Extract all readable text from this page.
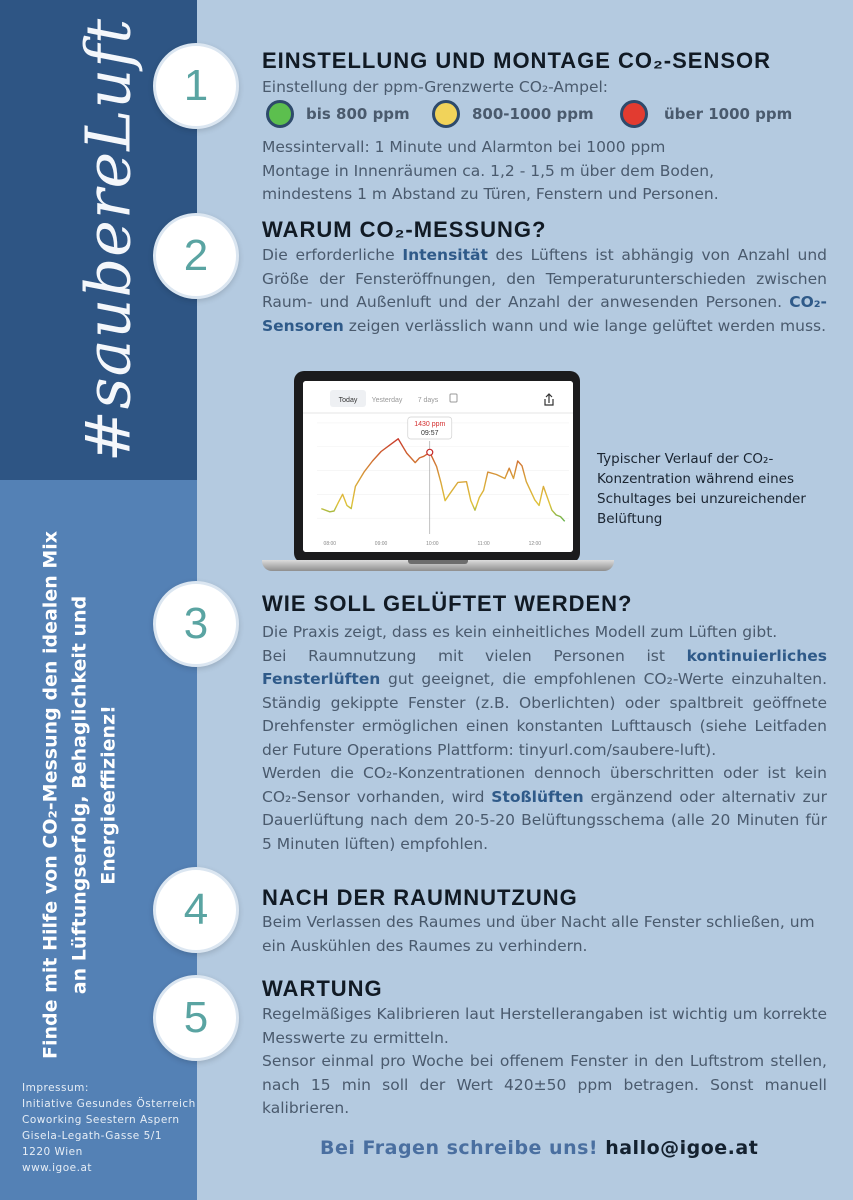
#saubereLuft
Finde mit Hilfe von CO₂-Messung den idealen Mix an Lüftungserfolg, Behaglichkeit und Energieeffizienz!
Impressum:
Initiative Gesundes Österreich
Coworking Seestern Aspern
Gisela-Legath-Gasse 5/1
1220 Wien
www.igoe.at
1
2
3
4
5
EINSTELLUNG UND MONTAGE CO₂-SENSOR
Einstellung der ppm-Grenzwerte CO₂-Ampel:
bis 800 ppm	800-1000 ppm	über 1000 ppm
Messintervall: 1 Minute und Alarmton bei 1000 ppm
Montage in Innenräumen ca. 1,2 - 1,5 m über dem Boden,
mindestens 1 m Abstand zu Türen, Fenstern und Personen.
WARUM CO₂-MESSUNG?
Die erforderliche Intensität des Lüftens ist abhängig von Anzahl und Größe der Fensteröffnungen, den Temperaturunterschieden zwischen Raum- und Außenluft und der Anzahl der anwesenden Personen. CO₂-Sensoren zeigen verlässlich wann und wie lange gelüftet werden muss.
Today Yesterday 7 days
1430 ppm
09:57
08:00	09:00	10:00	11:00	12:00
Typischer Verlauf der CO₂- Konzentration während eines Schultages bei unzureichender Belüftung
WIE SOLL GELÜFTET WERDEN?
Die Praxis zeigt, dass es kein einheitliches Modell zum Lüften gibt.
Bei Raumnutzung mit vielen Personen ist kontinuierliches Fensterlüften gut geeignet, die empfohlenen CO₂-Werte einzuhalten. Ständig gekippte Fenster (z.B. Oberlichten) oder spaltbreit geöffnete Drehfenster ermöglichen einen konstanten Lufttausch (siehe Leitfaden der Future Operations Plattform: tinyurl.com/saubere-luft).
Werden die CO₂-Konzentrationen dennoch überschritten oder ist kein CO₂-Sensor vorhanden, wird Stoßlüften ergänzend oder alternativ zur Dauerlüftung nach dem 20-5-20 Belüftungsschema (alle 20 Minuten für 5 Minuten lüften) empfohlen.
NACH DER RAUMNUTZUNG
Beim Verlassen des Raumes und über Nacht alle Fenster schließen, um ein Auskühlen des Raumes zu verhindern.
WARTUNG
Regelmäßiges Kalibrieren laut Herstellerangaben ist wichtig um korrekte Messwerte zu ermitteln.
Sensor einmal pro Woche bei offenem Fenster in den Luftstrom stellen, nach 15 min soll der Wert 420±50 ppm betragen. Sonst manuell kalibrieren.
Bei Fragen schreibe uns! hallo@igoe.at
